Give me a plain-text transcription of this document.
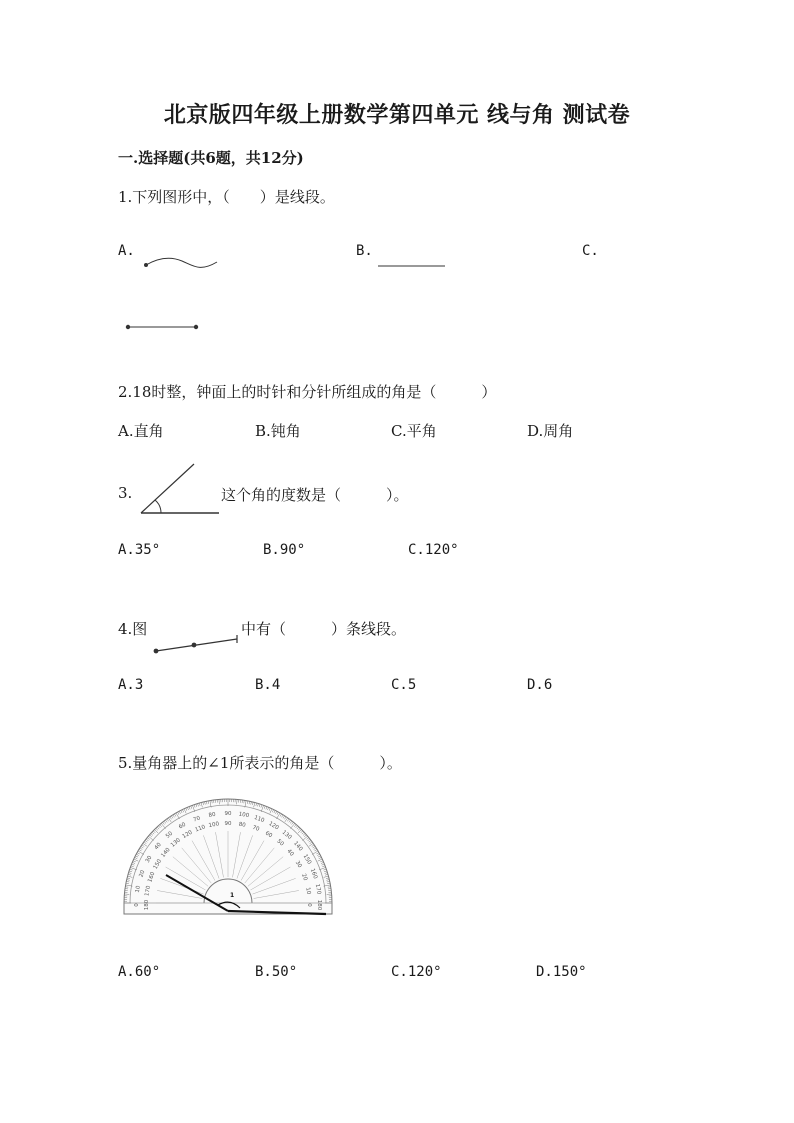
北京版四年级上册数学第四单元 线与角 测试卷
一.选择题(共6题，共12分)
1.下列图形中，（　　）是线段。
A.	B.	C.
2.18时整，钟面上的时针和分针所组成的角是（　　　）
A.直角	B.钝角	C.平角	D.周角
3.	这个角的度数是（　　　）。
A.35°	B.90°	C.120°
4.图	中有（　　　）条线段。
A.3	B.4	C.5	D.6
5.量角器上的∠1所表示的角是（　　　）。
180
170
160
150
140
130
120
110
100
90
80
70
60
50
40
30
20
10
0	0
10
20
30
40
50
60
70
80
90
100
110
120
130
140
150
160
170
180
1
A.60°	B.50°	C.120°	D.150°
